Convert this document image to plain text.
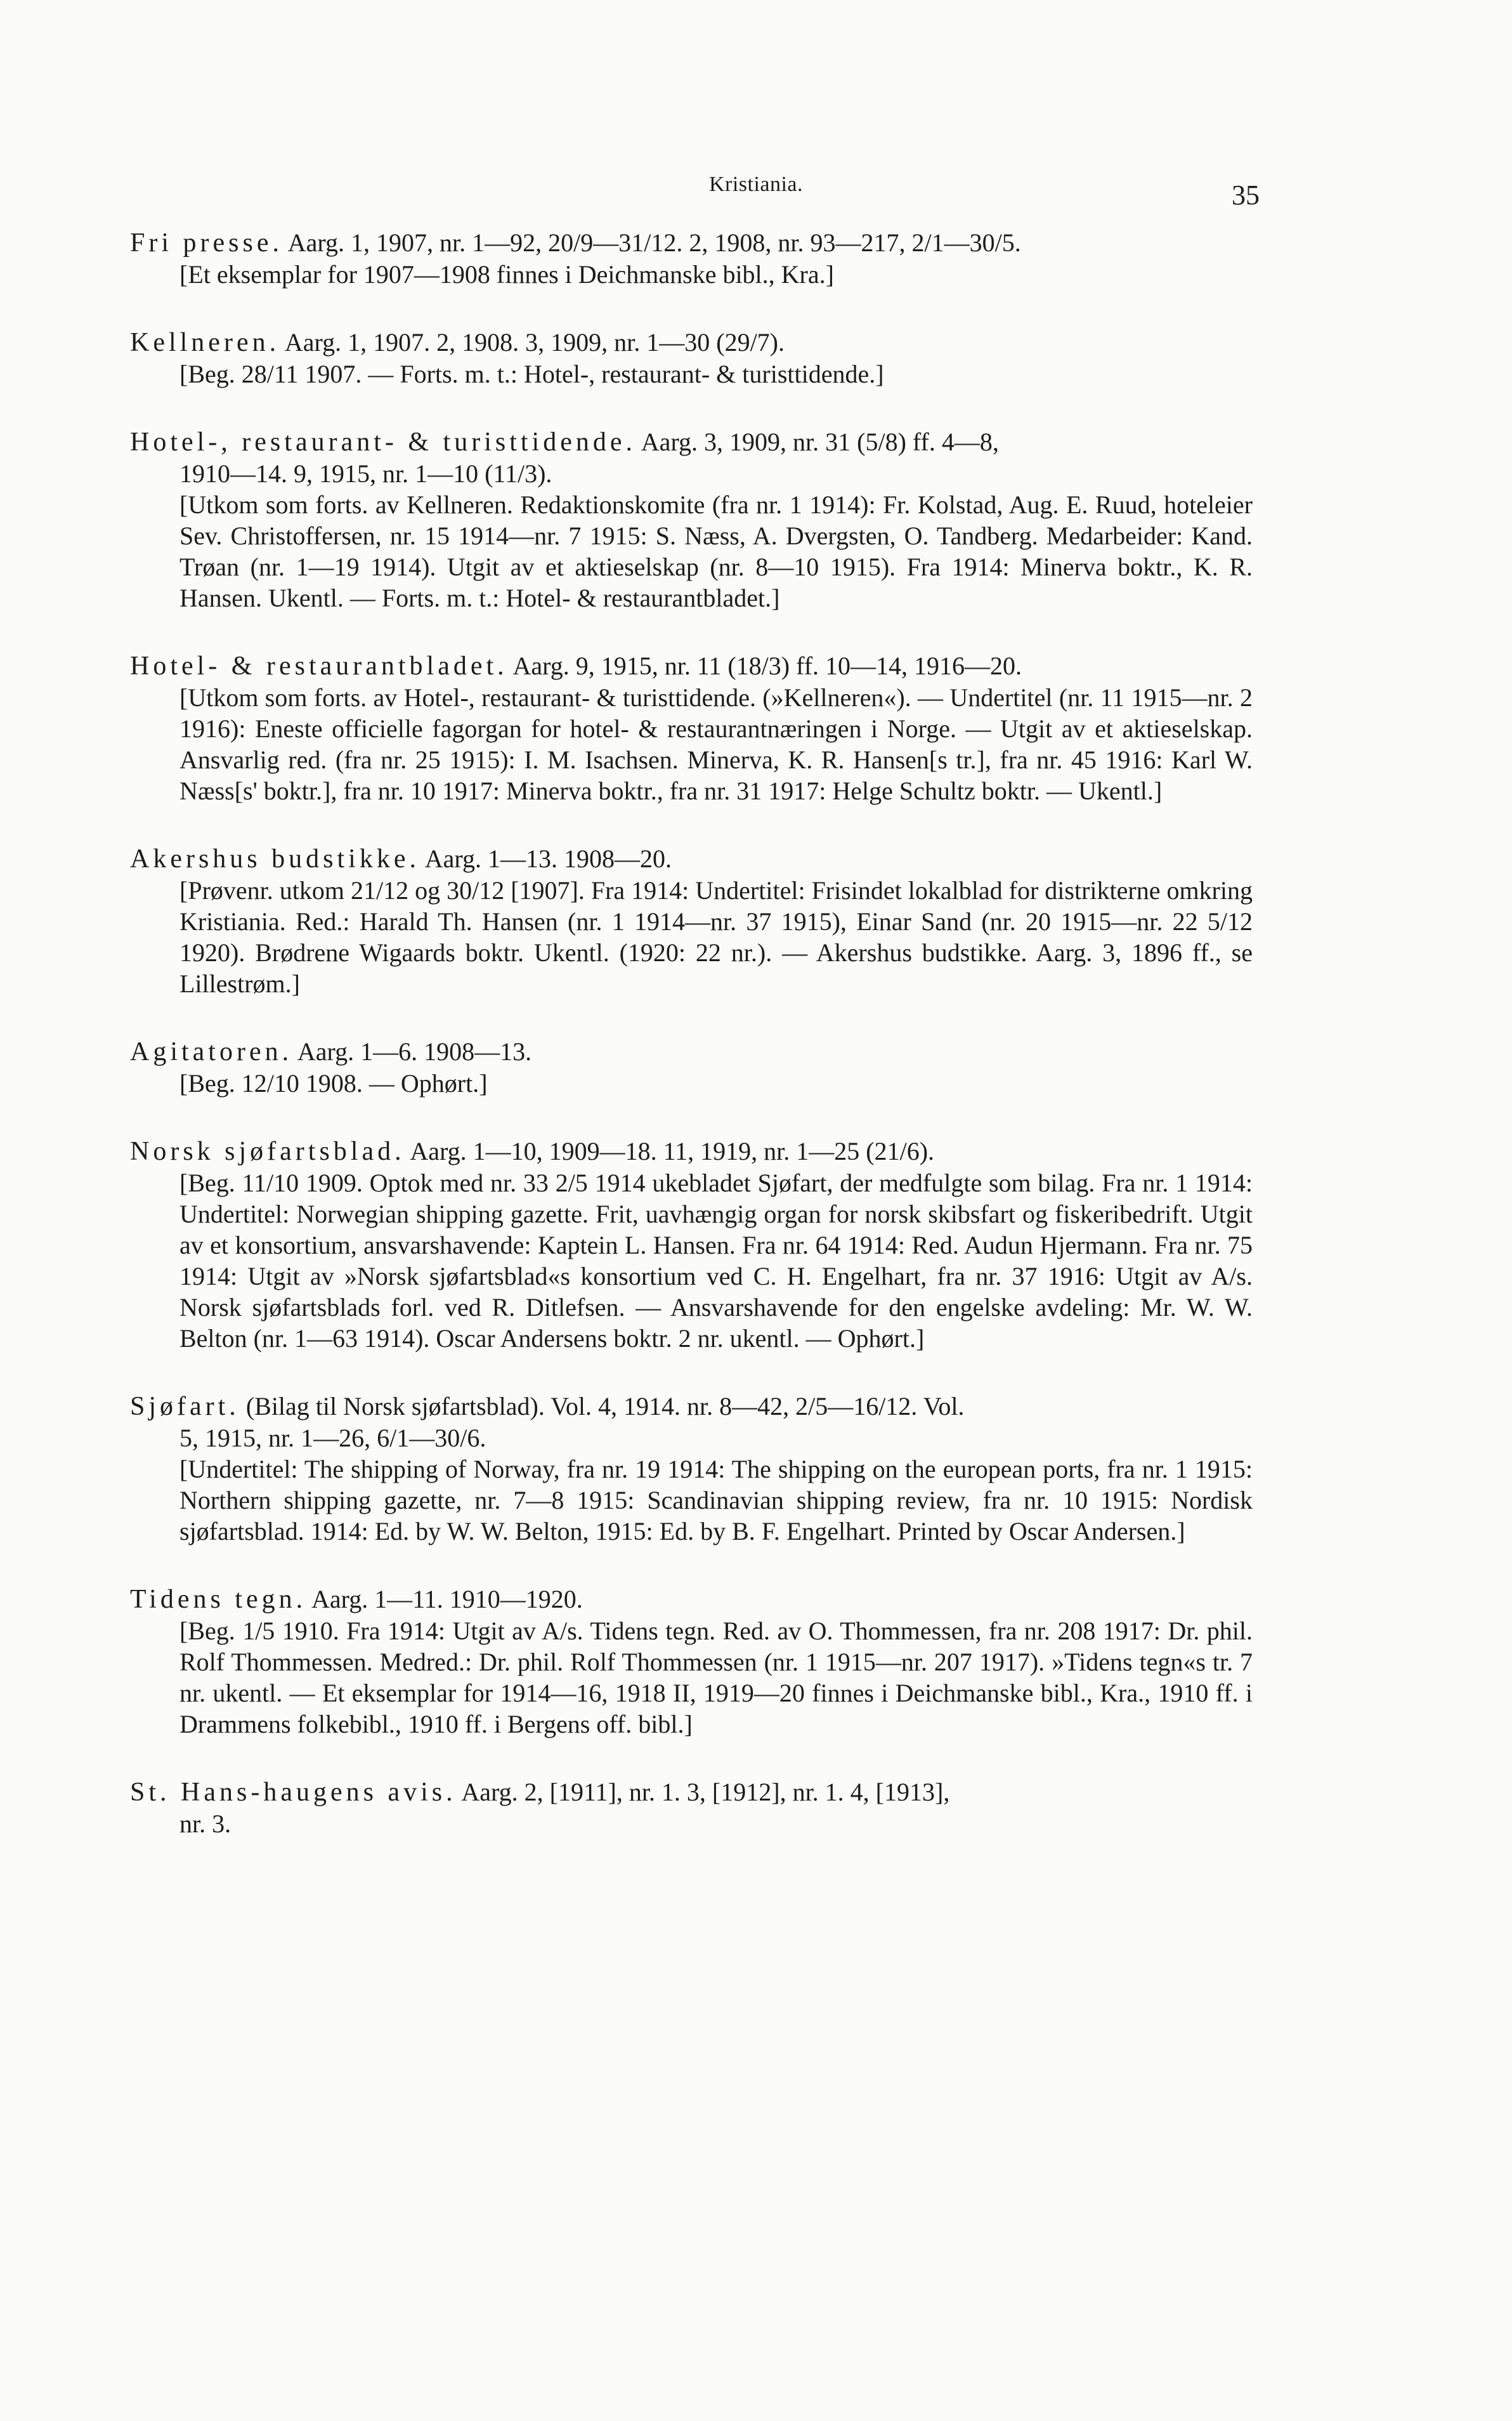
Kristiania.	35

Fri presse. Aarg. 1, 1907, nr. 1—92, 20/9—31/12. 2, 1908, nr. 93—217, 2/1—30/5.

[Et eksemplar for 1907—1908 finnes i Deichmanske bibl., Kra.]

Kellneren. Aarg. 1, 1907. 2, 1908. 3, 1909, nr. 1—30 (29/7).

[Beg. 28/11 1907. — Forts. m. t.: Hotel-, restaurant- & turisttidende.]

Hotel-, restaurant- & turisttidende. Aarg. 3, 1909, nr. 31 (5/8) ff. 4—8,

1910—14. 9, 1915, nr. 1—10 (11/3).

[Utkom som forts. av Kellneren. Redaktionskomite (fra nr. 1 1914): Fr. Kolstad, Aug. E. Ruud, hoteleier Sev. Christoffersen, nr. 15 1914—nr. 7 1915: S. Næss, A. Dvergsten, O. Tandberg. Medarbeider: Kand. Trøan (nr. 1—19 1914). Utgit av et aktieselskap (nr. 8—10 1915). Fra 1914: Minerva boktr., K. R. Hansen. Ukentl. — Forts. m. t.: Hotel- & restaurantbladet.]

Hotel- & restaurantbladet. Aarg. 9, 1915, nr. 11 (18/3) ff. 10—14, 1916—20.

[Utkom som forts. av Hotel-, restaurant- & turisttidende. (»Kellneren«). — Undertitel (nr. 11 1915—nr. 2 1916): Eneste officielle fagorgan for hotel- & restaurantnæringen i Norge. — Utgit av et aktieselskap. Ansvarlig red. (fra nr. 25 1915): I. M. Isachsen. Minerva, K. R. Hansen[s tr.], fra nr. 45 1916: Karl W. Næss[s' boktr.], fra nr. 10 1917: Minerva boktr., fra nr. 31 1917: Helge Schultz boktr. — Ukentl.]

Akershus budstikke. Aarg. 1—13. 1908—20.

[Prøvenr. utkom 21/12 og 30/12 [1907]. Fra 1914: Undertitel: Frisindet lokalblad for distrikterne omkring Kristiania. Red.: Harald Th. Hansen (nr. 1 1914—nr. 37 1915), Einar Sand (nr. 20 1915—nr. 22 5/12 1920). Brødrene Wigaards boktr. Ukentl. (1920: 22 nr.). — Akershus budstikke. Aarg. 3, 1896 ff., se Lillestrøm.]

Agitatoren. Aarg. 1—6. 1908—13.

[Beg. 12/10 1908. — Ophørt.]

Norsk sjøfartsblad. Aarg. 1—10, 1909—18. 11, 1919, nr. 1—25 (21/6).

[Beg. 11/10 1909. Optok med nr. 33 2/5 1914 ukebladet Sjøfart, der medfulgte som bilag. Fra nr. 1 1914: Undertitel: Norwegian shipping gazette. Frit, uavhængig organ for norsk skibsfart og fiskeribedrift. Utgit av et konsortium, ansvarshavende: Kaptein L. Hansen. Fra nr. 64 1914: Red. Audun Hjermann. Fra nr. 75 1914: Utgit av »Norsk sjøfartsblad«s konsortium ved C. H. Engelhart, fra nr. 37 1916: Utgit av A/s. Norsk sjøfartsblads forl. ved R. Ditlefsen. — Ansvarshavende for den engelske avdeling: Mr. W. W. Belton (nr. 1—63 1914). Oscar Andersens boktr. 2 nr. ukentl. — Ophørt.]

Sjøfart. (Bilag til Norsk sjøfartsblad). Vol. 4, 1914. nr. 8—42, 2/5—16/12. Vol.

5, 1915, nr. 1—26, 6/1—30/6.

[Undertitel: The shipping of Norway, fra nr. 19 1914: The shipping on the european ports, fra nr. 1 1915: Northern shipping gazette, nr. 7—8 1915: Scandinavian shipping review, fra nr. 10 1915: Nordisk sjøfartsblad. 1914: Ed. by W. W. Belton, 1915: Ed. by B. F. Engelhart. Printed by Oscar Andersen.]

Tidens tegn. Aarg. 1—11. 1910—1920.

[Beg. 1/5 1910. Fra 1914: Utgit av A/s. Tidens tegn. Red. av O. Thommessen, fra nr. 208 1917: Dr. phil. Rolf Thommessen. Medred.: Dr. phil. Rolf Thommessen (nr. 1 1915—nr. 207 1917). »Tidens tegn«s tr. 7 nr. ukentl. — Et eksemplar for 1914—16, 1918 II, 1919—20 finnes i Deichmanske bibl., Kra., 1910 ff. i Drammens folkebibl., 1910 ff. i Bergens off. bibl.]

St. Hans-haugens avis. Aarg. 2, [1911], nr. 1. 3, [1912], nr. 1. 4, [1913],

nr. 3.
